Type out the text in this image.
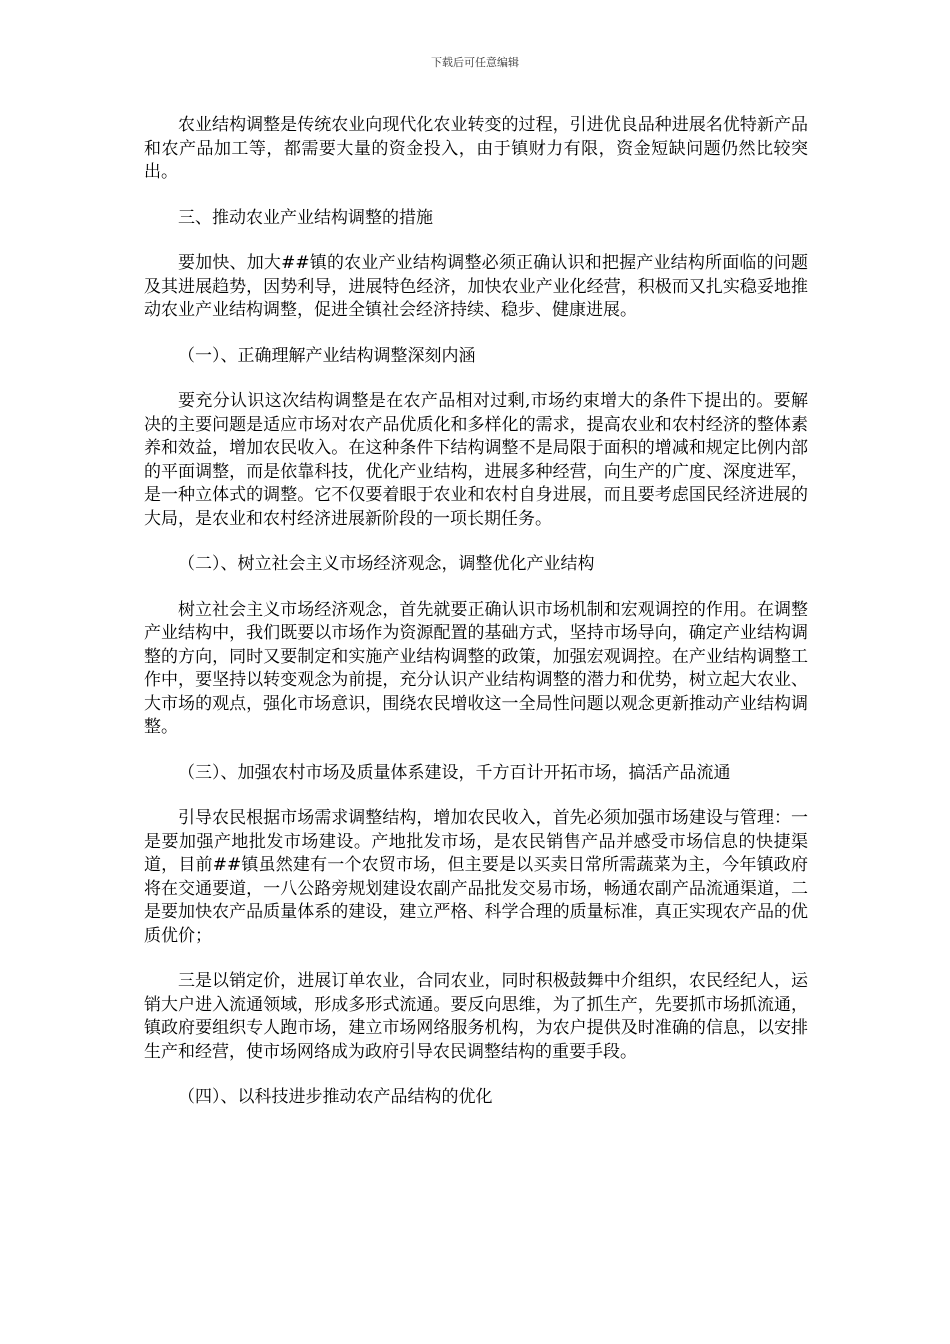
下载后可任意编辑

农业结构调整是传统农业向现代化农业转变的过程，引进优良品种进展名优特新产品和农产品加工等，都需要大量的资金投入，由于镇财力有限，资金短缺问题仍然比较突出。

三、推动农业产业结构调整的措施

要加快、加大##镇的农业产业结构调整必须正确认识和把握产业结构所面临的问题及其进展趋势，因势利导，进展特色经济，加快农业产业化经营，积极而又扎实稳妥地推动农业产业结构调整，促进全镇社会经济持续、稳步、健康进展。

（一）、正确理解产业结构调整深刻内涵

要充分认识这次结构调整是在农产品相对过剩,市场约束增大的条件下提出的。要解决的主要问题是适应市场对农产品优质化和多样化的需求，提高农业和农村经济的整体素养和效益，增加农民收入。在这种条件下结构调整不是局限于面积的增减和规定比例内部的平面调整，而是依靠科技，优化产业结构，进展多种经营，向生产的广度、深度进军，是一种立体式的调整。它不仅要着眼于农业和农村自身进展，而且要考虑国民经济进展的大局，是农业和农村经济进展新阶段的一项长期任务。

（二）、树立社会主义市场经济观念，调整优化产业结构

树立社会主义市场经济观念，首先就要正确认识市场机制和宏观调控的作用。在调整产业结构中，我们既要以市场作为资源配置的基础方式，坚持市场导向，确定产业结构调整的方向，同时又要制定和实施产业结构调整的政策，加强宏观调控。在产业结构调整工作中，要坚持以转变观念为前提，充分认识产业结构调整的潜力和优势，树立起大农业、大市场的观点，强化市场意识，围绕农民增收这一全局性问题以观念更新推动产业结构调整。

（三）、加强农村市场及质量体系建设，千方百计开拓市场，搞活产品流通

引导农民根据市场需求调整结构，增加农民收入，首先必须加强市场建设与管理：一是要加强产地批发市场建设。产地批发市场，是农民销售产品并感受市场信息的快捷渠道，目前##镇虽然建有一个农贸市场，但主要是以买卖日常所需蔬菜为主，今年镇政府将在交通要道，一八公路旁规划建设农副产品批发交易市场，畅通农副产品流通渠道，二是要加快农产品质量体系的建设，建立严格、科学合理的质量标准，真正实现农产品的优质优价；

三是以销定价，进展订单农业，合同农业，同时积极鼓舞中介组织，农民经纪人，运销大户进入流通领域，形成多形式流通。要反向思维，为了抓生产，先要抓市场抓流通，镇政府要组织专人跑市场，建立市场网络服务机构，为农户提供及时准确的信息，以安排生产和经营，使市场网络成为政府引导农民调整结构的重要手段。

（四）、以科技进步推动农产品结构的优化
